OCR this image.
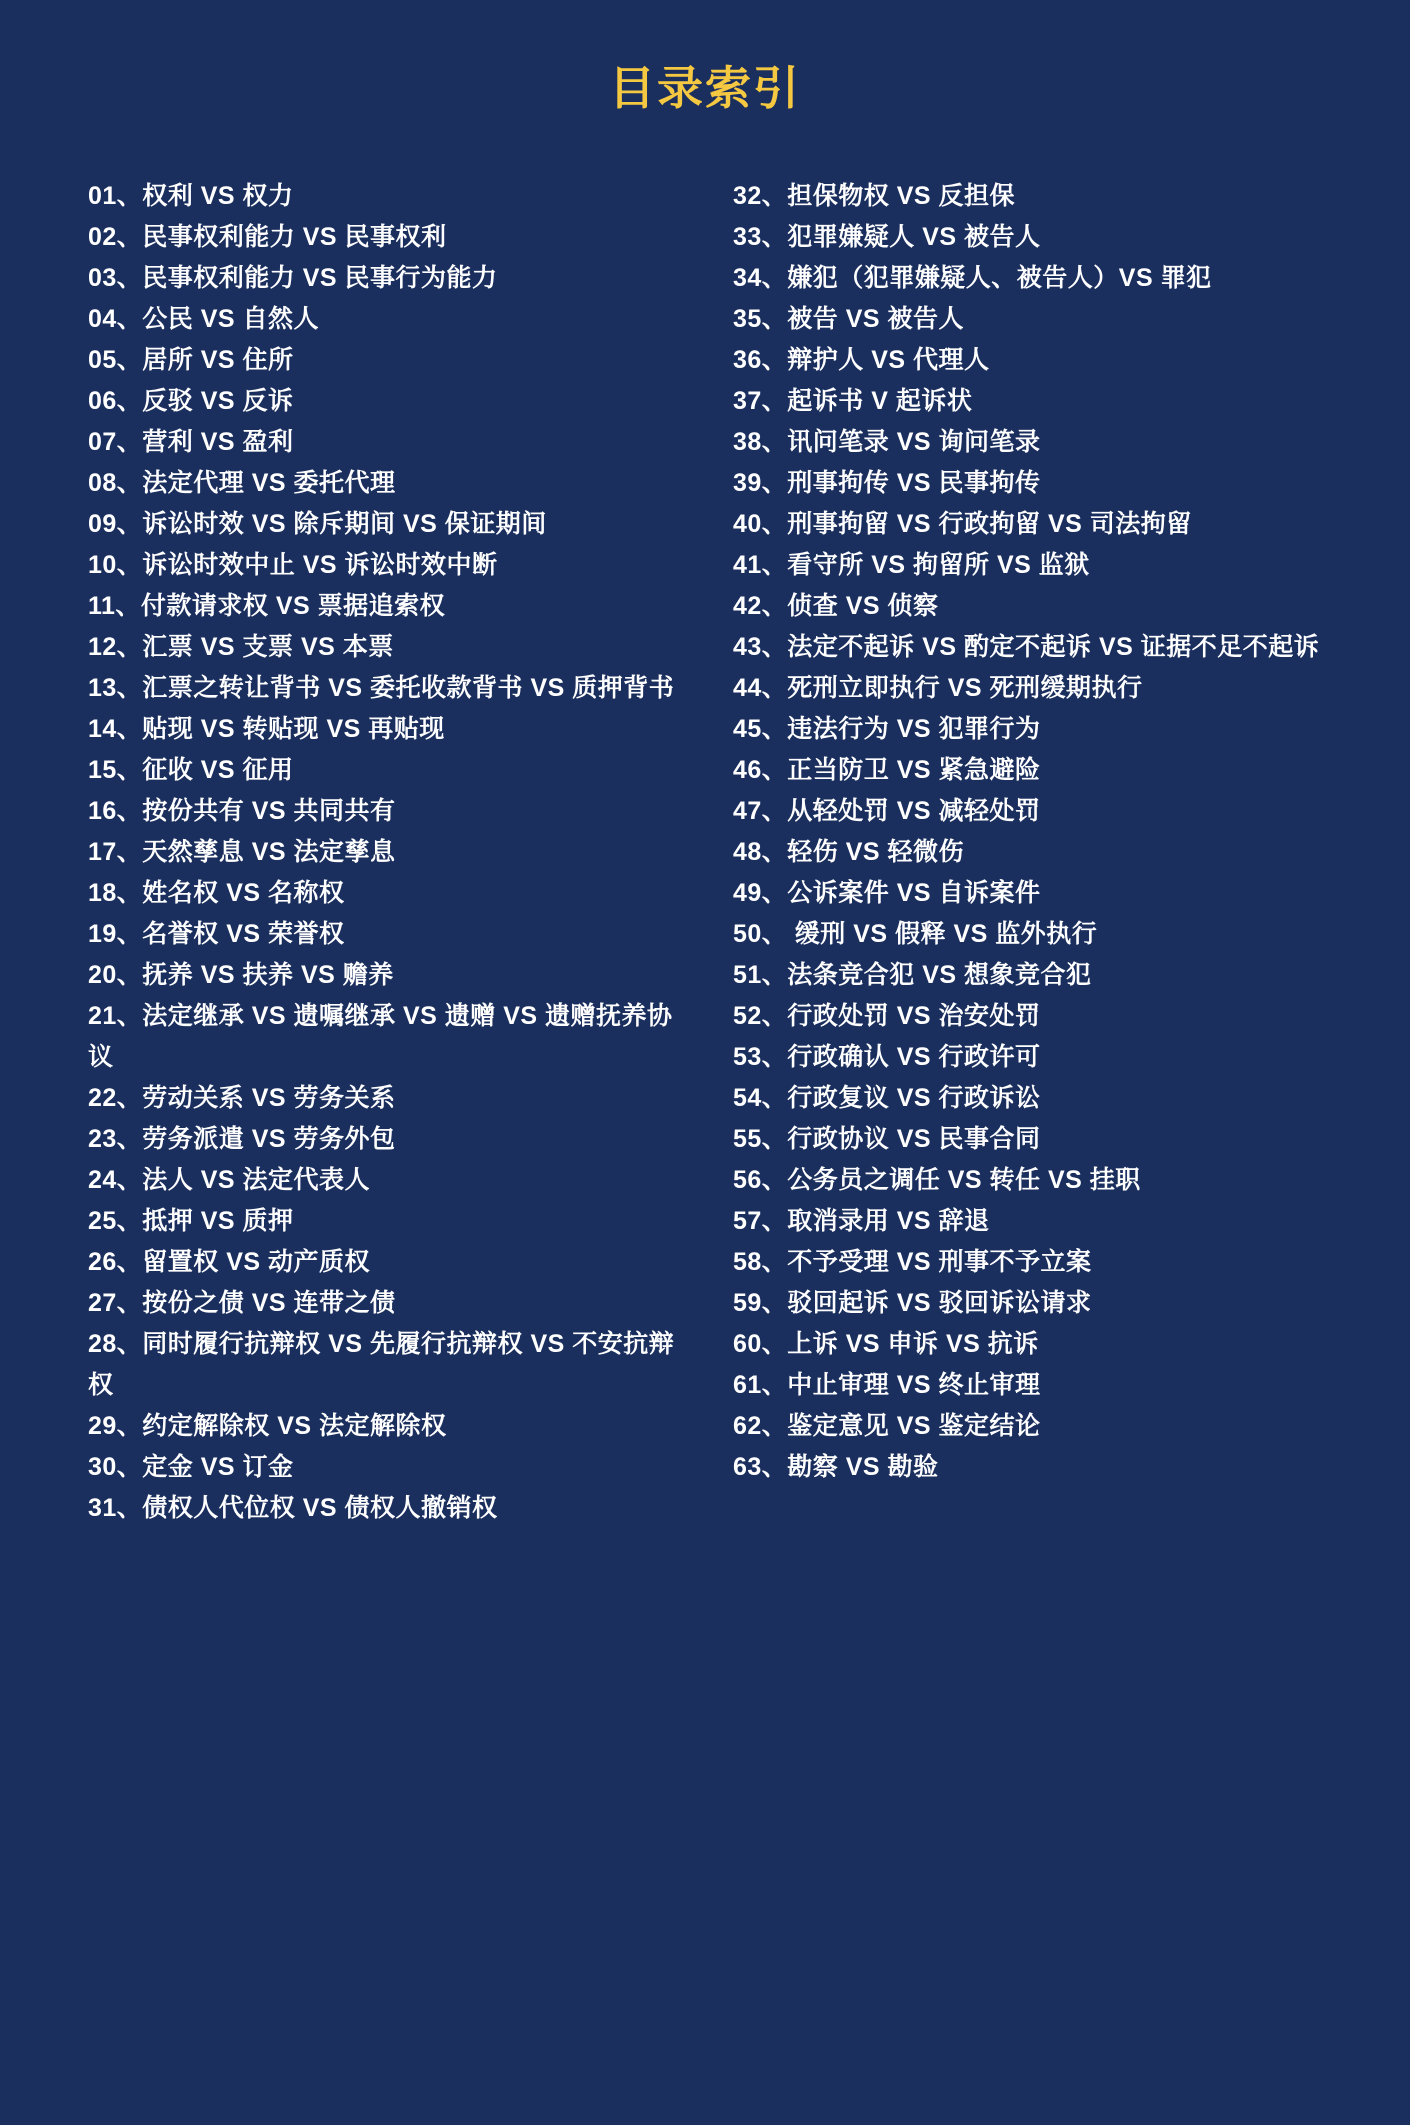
目录索引
01、权利 VS 权力
02、民事权利能力 VS 民事权利
03、民事权利能力 VS 民事行为能力
04、公民 VS 自然人
05、居所 VS 住所
06、反驳 VS 反诉
07、营利 VS 盈利
08、法定代理 VS 委托代理
09、诉讼时效 VS 除斥期间 VS 保证期间
10、诉讼时效中止 VS 诉讼时效中断
11、付款请求权 VS 票据追索权
12、汇票 VS 支票 VS 本票
13、汇票之转让背书 VS 委托收款背书 VS 质押背书
14、贴现 VS 转贴现 VS 再贴现
15、征收 VS 征用
16、按份共有 VS 共同共有
17、天然孳息 VS 法定孳息
18、姓名权 VS 名称权
19、名誉权 VS 荣誉权
20、抚养 VS 扶养 VS 赡养
21、法定继承 VS 遗嘱继承 VS 遗赠 VS 遗赠抚养协议
22、劳动关系 VS 劳务关系
23、劳务派遣 VS 劳务外包
24、法人 VS 法定代表人
25、抵押 VS 质押
26、留置权 VS 动产质权
27、按份之债 VS 连带之债
28、同时履行抗辩权 VS 先履行抗辩权 VS 不安抗辩权
29、约定解除权 VS 法定解除权
30、定金 VS 订金
31、债权人代位权 VS 债权人撤销权
32、担保物权 VS 反担保
33、犯罪嫌疑人 VS 被告人
34、嫌犯（犯罪嫌疑人、被告人）VS 罪犯
35、被告 VS 被告人
36、辩护人 VS 代理人
37、起诉书 V 起诉状
38、讯问笔录 VS 询问笔录
39、刑事拘传 VS 民事拘传
40、刑事拘留 VS 行政拘留 VS 司法拘留
41、看守所 VS 拘留所 VS 监狱
42、侦查 VS 侦察
43、法定不起诉 VS 酌定不起诉 VS 证据不足不起诉
44、死刑立即执行 VS 死刑缓期执行
45、违法行为 VS 犯罪行为
46、正当防卫 VS 紧急避险
47、从轻处罚 VS 减轻处罚
48、轻伤 VS 轻微伤
49、公诉案件 VS 自诉案件
50、 缓刑 VS 假释 VS 监外执行
51、法条竞合犯 VS 想象竞合犯
52、行政处罚 VS 治安处罚
53、行政确认 VS 行政许可
54、行政复议 VS 行政诉讼
55、行政协议 VS 民事合同
56、公务员之调任 VS 转任 VS 挂职
57、取消录用 VS 辞退
58、不予受理 VS 刑事不予立案
59、驳回起诉 VS 驳回诉讼请求
60、上诉 VS 申诉 VS 抗诉
61、中止审理 VS 终止审理
62、鉴定意见 VS 鉴定结论
63、勘察 VS 勘验
